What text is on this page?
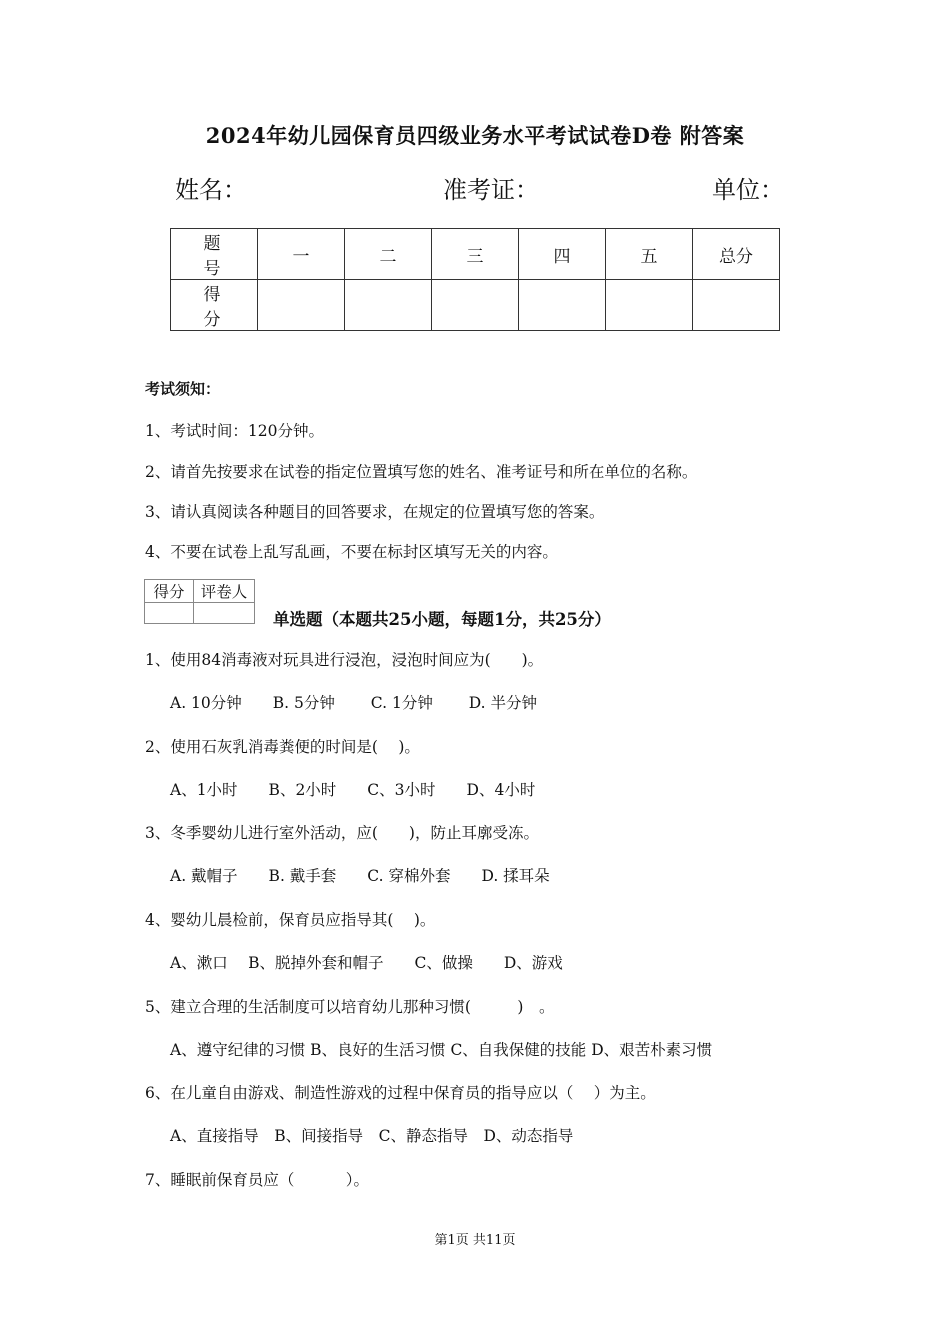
2024年幼儿园保育员四级业务水平考试试卷D卷 附答案
姓名：	准考证：	单位：
题　号	一	二	三	四	五	总分
得　分						
考试须知：
1、考试时间：120分钟。
2、请首先按要求在试卷的指定位置填写您的姓名、准考证号和所在单位的名称。
3、请认真阅读各种题目的回答要求，在规定的位置填写您的答案。
4、不要在试卷上乱写乱画，不要在标封区填写无关的内容。
得分	评卷人

单选题（本题共25小题，每题1分，共25分）
1、使用84消毒液对玩具进行浸泡，浸泡时间应为(　　)。
A. 10分钟　　B. 5分钟　　 C. 1分钟　　 D. 半分钟
2、使用石灰乳消毒粪便的时间是(　 )。
A、1小时　　B、2小时　　C、3小时　　D、4小时
3、冬季婴幼儿进行室外活动，应(　　)，防止耳廓受冻。
A. 戴帽子　　B. 戴手套　　C. 穿棉外套　　D. 揉耳朵
4、婴幼儿晨检前，保育员应指导其(　 )。
A、漱口　 B、脱掉外套和帽子　　C、做操　　D、游戏
5、建立合理的生活制度可以培育幼儿那种习惯(　　　)　。
A、遵守纪律的习惯 B、良好的生活习惯 C、自我保健的技能 D、艰苦朴素习惯
6、在儿童自由游戏、制造性游戏的过程中保育员的指导应以（　 ）为主。
A、直接指导　B、间接指导　C、静态指导　D、动态指导
7、睡眠前保育员应（　　　 ）。
第1页 共11页
